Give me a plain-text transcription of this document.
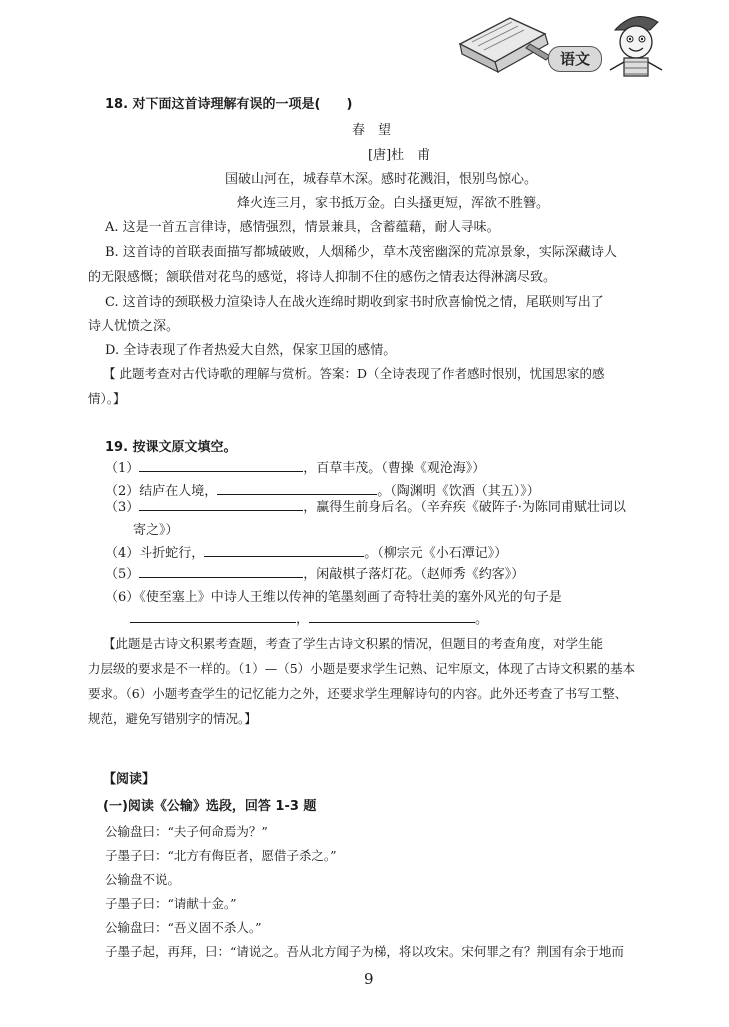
语文
18. 对下面这首诗理解有误的一项是(　　)
春　望
[唐]杜　甫
国破山河在，城春草木深。感时花溅泪，恨别鸟惊心。
烽火连三月，家书抵万金。白头搔更短，浑欲不胜簪。
A. 这是一首五言律诗，感情强烈，情景兼具，含蓄蕴藉，耐人寻味。
B. 这首诗的首联表面描写都城破败，人烟稀少，草木茂密幽深的荒凉景象，实际深藏诗人
的无限感慨；颔联借对花鸟的感觉，将诗人抑制不住的感伤之情表达得淋漓尽致。
C. 这首诗的颈联极力渲染诗人在战火连绵时期收到家书时欣喜愉悦之情，尾联则写出了
诗人忧愤之深。
D. 全诗表现了作者热爱大自然，保家卫国的感情。
【 此题考查对古代诗歌的理解与赏析。答案：D（全诗表现了作者感时恨别，忧国思家的感
情）。】
19. 按课文原文填空。
（1）	，百草丰茂。（曹操《观沧海》）
（2）结庐在人境，	。（陶渊明《饮酒（其五）》）
（3）	，赢得生前身后名。（辛弃疾《破阵子·为陈同甫赋壮词以
寄之》）
（4）斗折蛇行，	。（柳宗元《小石潭记》）
（5）	，闲敲棋子落灯花。（赵师秀《约客》）
（6）《使至塞上》中诗人王维以传神的笔墨刻画了奇特壮美的塞外风光的句子是
，	。
【此题是古诗文积累考查题，考查了学生古诗文积累的情况，但题目的考查角度，对学生能
力层级的要求是不一样的。（1）—（5）小题是要求学生记熟、记牢原文，体现了古诗文积累的基本
要求。（6）小题考查学生的记忆能力之外，还要求学生理解诗句的内容。此外还考查了书写工整、
规范，避免写错别字的情况。】
【阅读】
(一)阅读《公输》选段，回答 1-3 题
公输盘曰：“夫子何命焉为？”
子墨子曰：“北方有侮臣者，愿借子杀之。”
公输盘不说。
子墨子曰：“请献十金。”
公输盘曰：“吾义固不杀人。”
子墨子起，再拜，曰：“请说之。吾从北方闻子为梯，将以攻宋。宋何罪之有？荆国有余于地而
9
